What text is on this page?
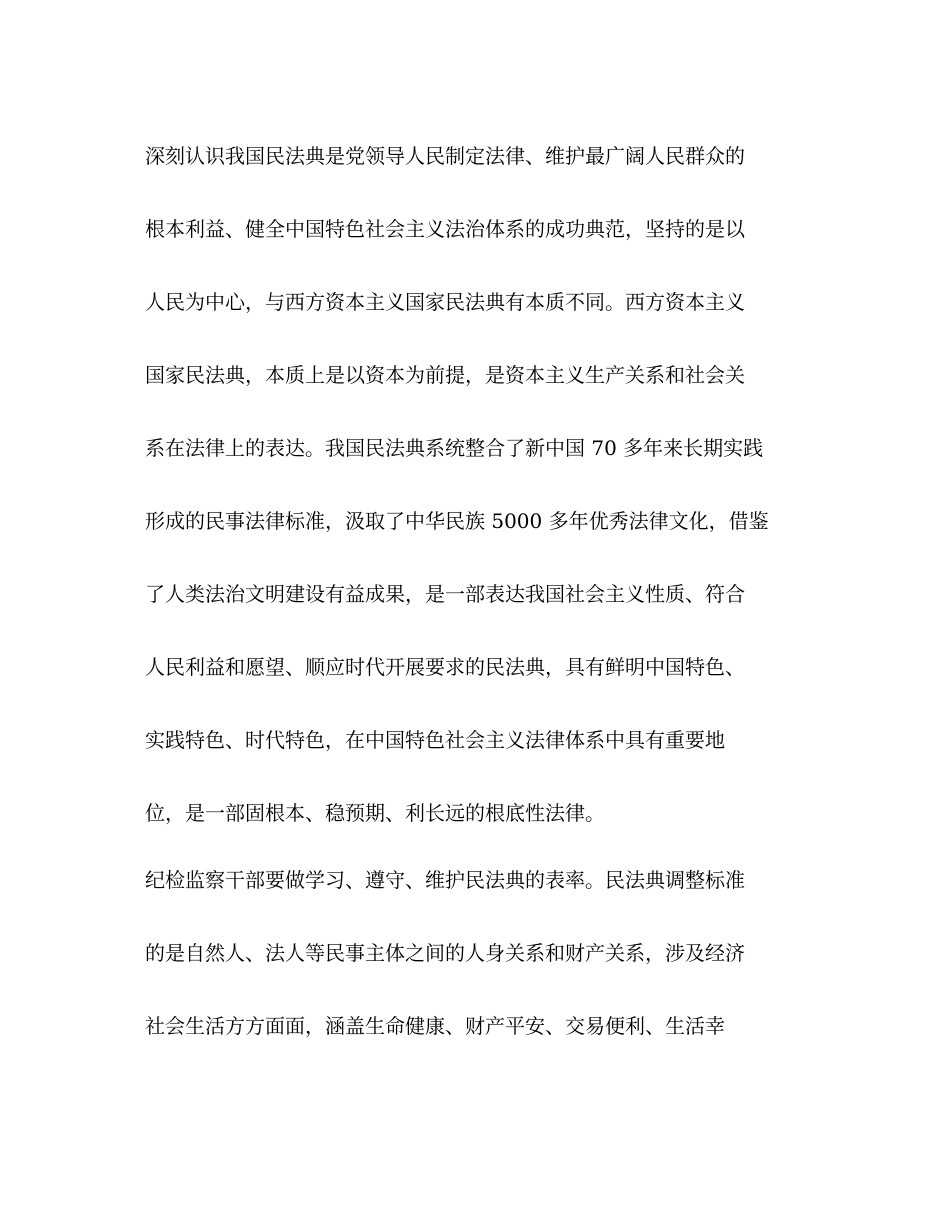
深刻认识我国民法典是党领导人民制定法律、维护最广阔人民群众的
根本利益、健全中国特色社会主义法治体系的成功典范，坚持的是以
人民为中心，与西方资本主义国家民法典有本质不同。西方资本主义
国家民法典，本质上是以资本为前提，是资本主义生产关系和社会关
系在法律上的表达。我国民法典系统整合了新中国 70 多年来长期实践
形成的民事法律标准，汲取了中华民族 5000 多年优秀法律文化，借鉴
了人类法治文明建设有益成果，是一部表达我国社会主义性质、符合
人民利益和愿望、顺应时代开展要求的民法典，具有鲜明中国特色、
实践特色、时代特色，在中国特色社会主义法律体系中具有重要地
位，是一部固根本、稳预期、利长远的根底性法律。
纪检监察干部要做学习、遵守、维护民法典的表率。民法典调整标准
的是自然人、法人等民事主体之间的人身关系和财产关系，涉及经济
社会生活方方面面，涵盖生命健康、财产平安、交易便利、生活幸
